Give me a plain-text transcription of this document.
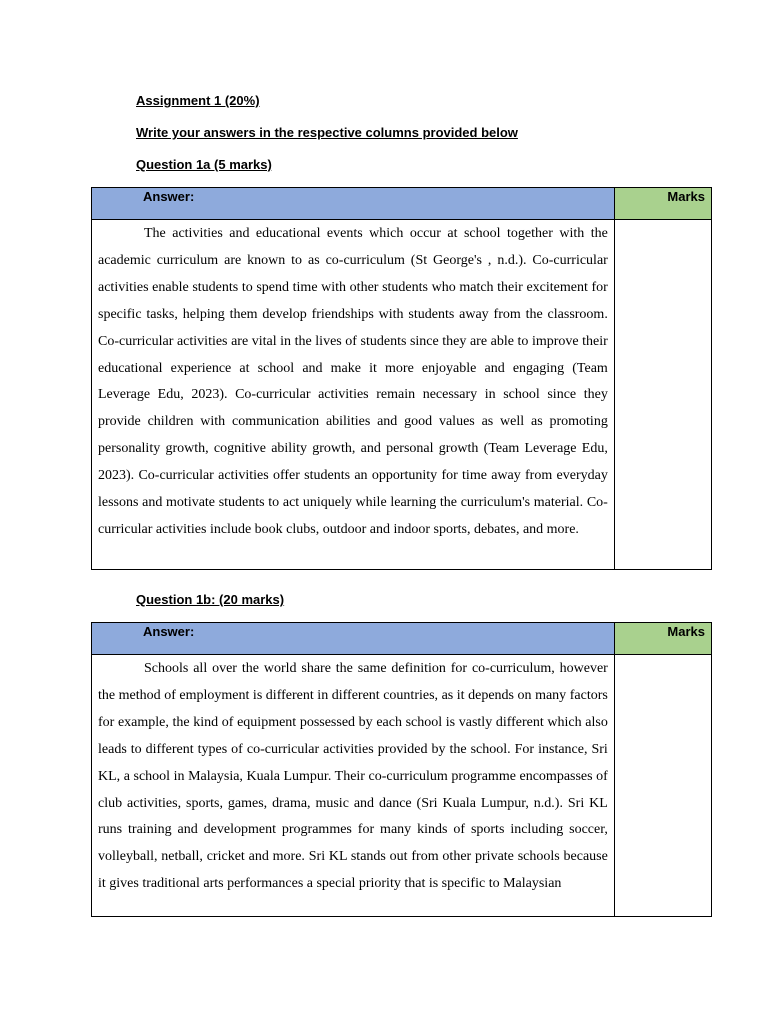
Assignment 1 (20%)
Write your answers in the respective columns provided below
Question 1a (5 marks)
Answer:	Marks
The activities and educational events which occur at school together with the academic curriculum are known to as co-curriculum (St George's , n.d.). Co-curricular activities enable students to spend time with other students who match their excitement for specific tasks, helping them develop friendships with students away from the classroom. Co-curricular activities are vital in the lives of students since they are able to improve their educational experience at school and make it more enjoyable and engaging (Team Leverage Edu, 2023). Co-curricular activities remain necessary in school since they provide children with communication abilities and good values as well as promoting personality growth, cognitive ability growth, and personal growth (Team Leverage Edu, 2023). Co-curricular activities offer students an opportunity for time away from everyday lessons and motivate students to act uniquely while learning the curriculum's material. Co-curricular activities include book clubs, outdoor and indoor sports, debates, and more.	
Question 1b: (20 marks)
Answer:	Marks
Schools all over the world share the same definition for co-curriculum, however the method of employment is different in different countries, as it depends on many factors for example, the kind of equipment possessed by each school is vastly different which also leads to different types of co-curricular activities provided by the school. For instance, Sri KL, a school in Malaysia, Kuala Lumpur. Their co-curriculum programme encompasses of club activities, sports, games, drama, music and dance (Sri Kuala Lumpur, n.d.). Sri KL runs training and development programmes for many kinds of sports including soccer, volleyball, netball, cricket and more. Sri KL stands out from other private schools because it gives traditional arts performances a special priority that is specific to Malaysian	
